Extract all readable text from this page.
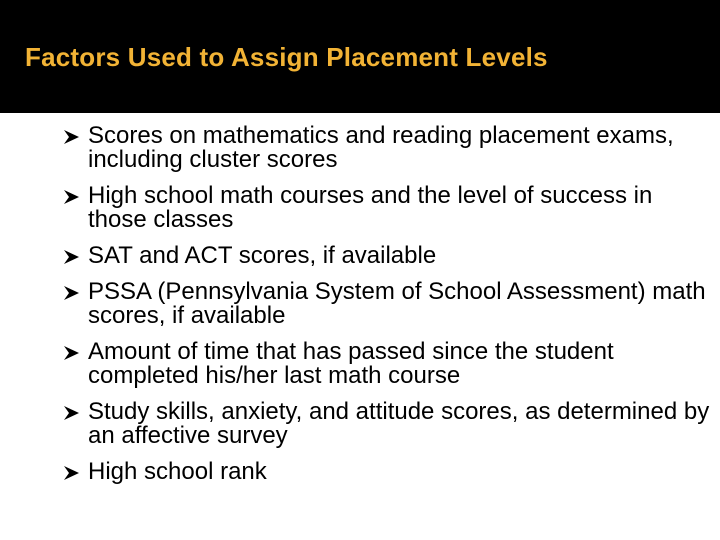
Factors Used to Assign Placement Levels
Scores on mathematics and reading placement exams, including cluster scores
High school math courses and the level of success in those classes
SAT and ACT scores, if available
PSSA (Pennsylvania System of School Assessment) math scores, if available
Amount of time that has passed since the student completed his/her last math course
Study skills, anxiety, and attitude scores, as determined by an affective survey
High school rank
